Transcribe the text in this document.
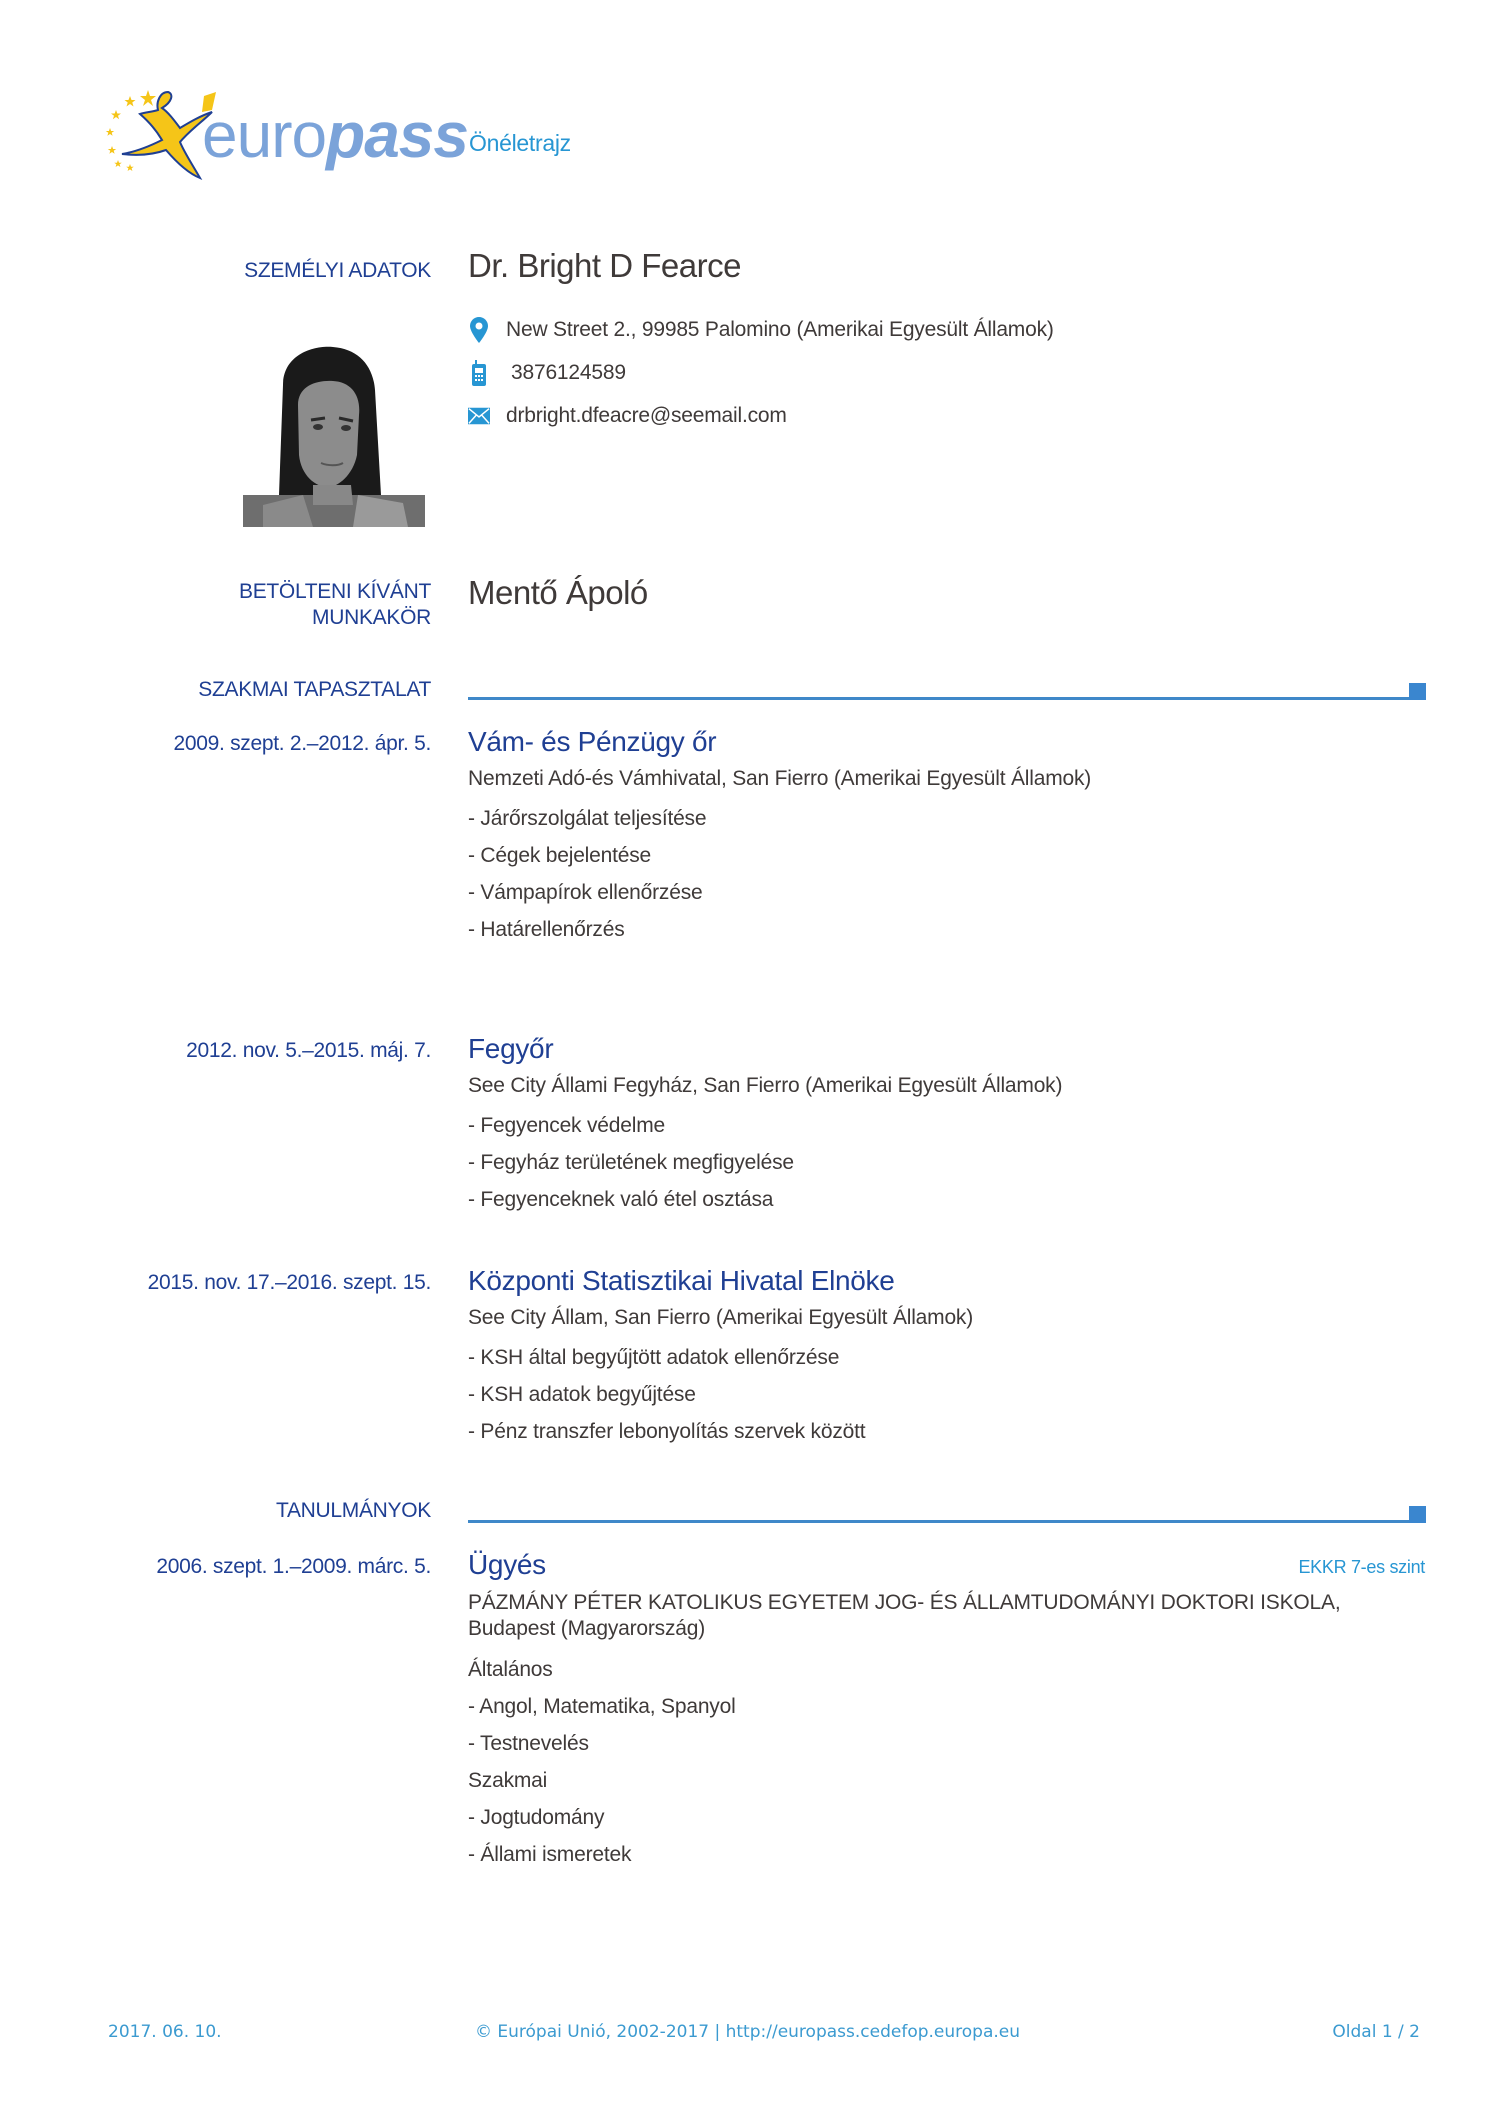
europass Önéletrajz
SZEMÉLYI ADATOK Dr. Bright D Fearce
New Street 2., 99985 Palomino (Amerikai Egyesült Államok)
3876124589
drbright.dfeacre@seemail.com
BETÖLTENI KÍVÁNT
MUNKAKÖR
Mentő Ápoló
SZAKMAI TAPASZTALAT
2009. szept. 2.–2012. ápr. 5. Vám- és Pénzügy őr
Nemzeti Adó-és Vámhivatal, San Fierro (Amerikai Egyesült Államok)
- Járőrszolgálat teljesítése
- Cégek bejelentése
- Vámpapírok ellenőrzése
- Határellenőrzés
2012. nov. 5.–2015. máj. 7. Fegyőr
See City Állami Fegyház, San Fierro (Amerikai Egyesült Államok)
- Fegyencek védelme
- Fegyház területének megfigyelése
- Fegyenceknek való étel osztása
2015. nov. 17.–2016. szept. 15. Központi Statisztikai Hivatal Elnöke
See City Állam, San Fierro (Amerikai Egyesült Államok)
- KSH által begyűjtött adatok ellenőrzése
- KSH adatok begyűjtése
- Pénz transzfer lebonyolítás szervek között
TANULMÁNYOK
2006. szept. 1.–2009. márc. 5. Ügyés	EKKR 7-es szint
PÁZMÁNY PÉTER KATOLIKUS EGYETEM JOG- ÉS ÁLLAMTUDOMÁNYI DOKTORI ISKOLA,
Budapest (Magyarország)
Általános
- Angol, Matematika, Spanyol
- Testnevelés
Szakmai
- Jogtudomány
- Állami ismeretek
2017. 06. 10.	© Európai Unió, 2002-2017 | http://europass.cedefop.europa.eu	Oldal 1 / 2
